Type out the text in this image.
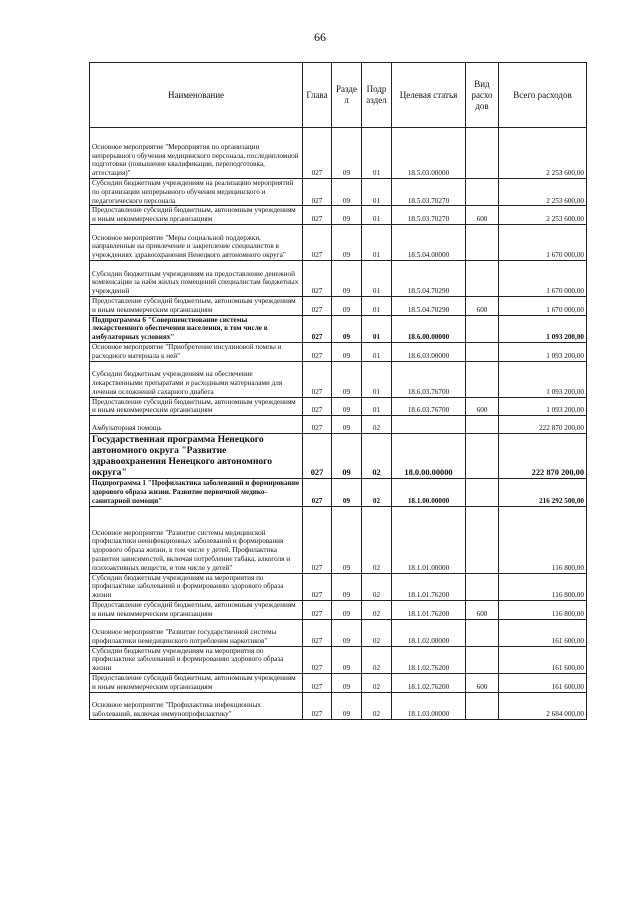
66
Наименование	Глава	Разде л	Подр аздел	Целевая статья	Вид расхо дов	Всего расходов
Основное мероприятие "Мероприятия по организации непрерывного обучения медицинского персонала, последипломной подготовки (повышение квалификации, переподготовка, аттестация)"	027	09	01	18.5.03.00000		2 253 600,00
Субсидии бюджетным учреждениям на реализацию мероприятий по организации непрерывного обучения медицинского и педагогического персонала	027	09	01	18.5.03.70270		2 253 600,00
Предоставление субсидий бюджетным, автономным учреждениям и иным некоммерческим организациям	027	09	01	18.5.03.70270	600	2 253 600,00
Основное мероприятие "Меры социальной поддержки, направленные на привлечение и закрепление специалистов в учреждениях здравоохранения Ненецкого автономного округа"	027	09	01	18.5.04.00000		1 670 000,00
Субсидии бюджетным учреждениям на предоставление денежной компенсации за наём жилых помещений специалистам бюджетных учреждений	027	09	01	18.5.04.70290		1 670 000,00
Предоставление субсидий бюджетным, автономным учреждениям и иным некоммерческим организациям	027	09	01	18.5.04.70290	600	1 670 000,00
Подпрограмма 6 "Совершенствование системы лекарственного обеспечения населения, в том числе в амбулаторных условиях"	027	09	01	18.6.00.00000		1 093 200,00
Основное мероприятие "Приобретение инсулиновой помпы и расходного материала к ней"	027	09	01	18.6.03.00000		1 093 200,00
Субсидии бюджетным учреждениям на обеспечение лекарственными препаратами и расходными материалами для лечения осложнений сахарного диабета	027	09	01	18.6.03.76700		1 093 200,00
Предоставление субсидий бюджетным, автономным учреждениям и иным некоммерческим организациям	027	09	01	18.6.03.76700	600	1 093 200,00
Амбулаторная помощь	027	09	02			222 870 200,00
Государственная программа Ненецкого автономного округа "Развитие здравоохранения Ненецкого автономного округа"	027	09	02	18.0.00.00000		222 870 200,00
Подпрограмма 1 "Профилактика заболеваний и формирование здорового образа жизни. Развитие первичной медико-санитарной помощи"	027	09	02	18.1.00.00000		216 292 500,00
Основное мероприятие "Развитие системы медицинской профилактики неинфекционных заболеваний и формирования здорового образа жизни, в том числе у детей. Профилактика развития зависимостей, включая потребление табака, алкоголя и психоактивных веществ, в том числе у детей"	027	09	02	18.1.01.00000		116 800,00
Субсидии бюджетным учреждениям на мероприятия по профилактике заболеваний и формированию здорового образа жизни	027	09	02	18.1.01.76200		116 800,00
Предоставление субсидий бюджетным, автономным учреждениям и иным некоммерческим организациям	027	09	02	18.1.01.76200	600	116 800,00
Основное мероприятие "Развитие государственной системы профилактики немедицинского потребления наркотиков"	027	09	02	18.1.02.00000		161 600,00
Субсидии бюджетным учреждениям на мероприятия по профилактике заболеваний и формированию здорового образа жизни	027	09	02	18.1.02.76200		161 600,00
Предоставление субсидий бюджетным, автономным учреждениям и иным некоммерческим организациям	027	09	02	18.1.02.76200	600	161 600,00
Основное мероприятие "Профилактика инфекционных заболеваний, включая иммунопрофилактику"	027	09	02	18.1.03.00000		2 684 000,00
